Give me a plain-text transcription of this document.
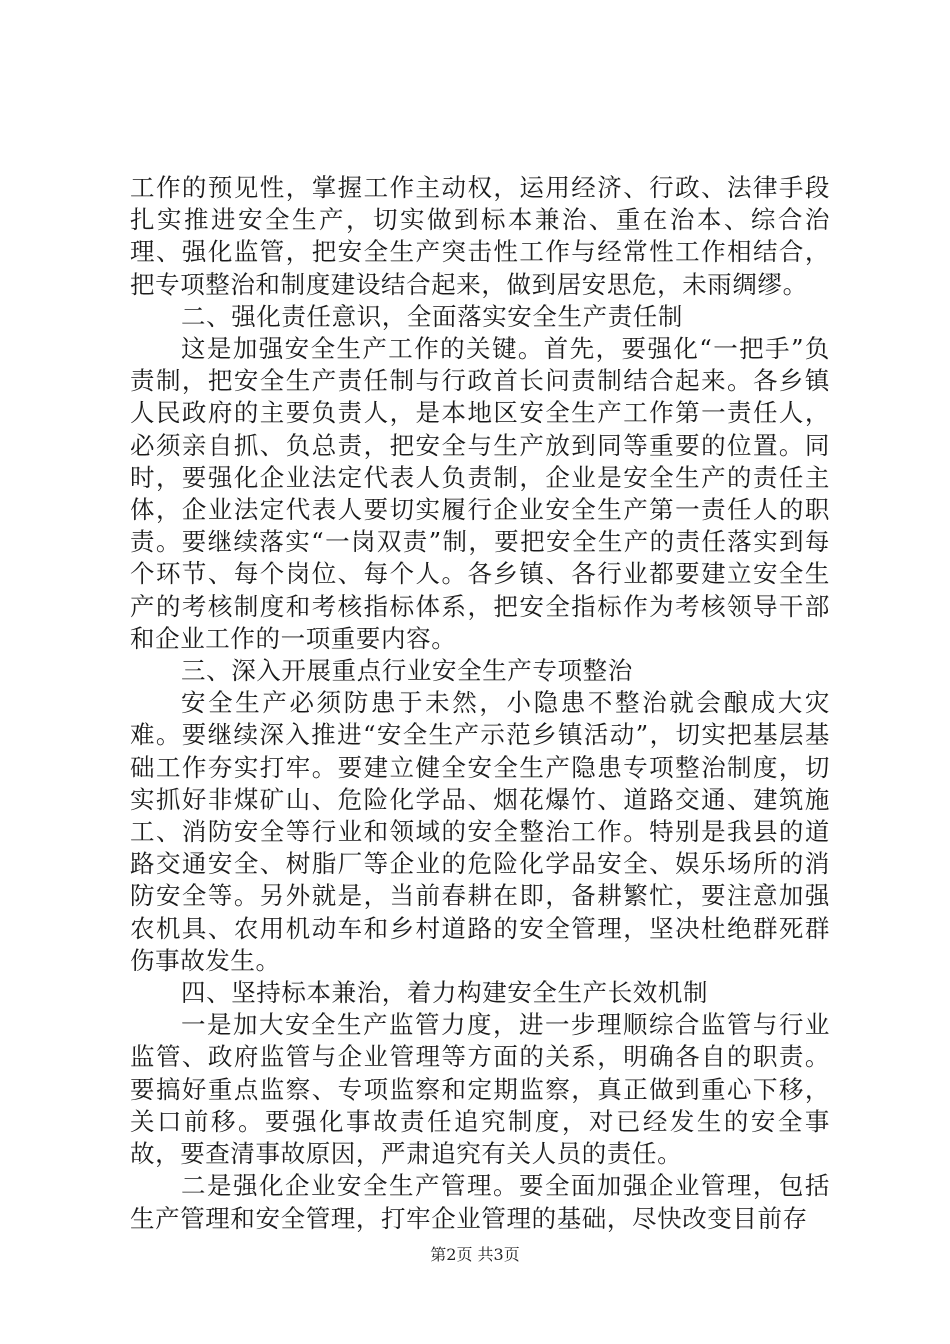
工作的预见性，掌握工作主动权，运用经济、行政、法律手段扎实推进安全生产，切实做到标本兼治、重在治本、综合治理、强化监管，把安全生产突击性工作与经常性工作相结合，把专项整治和制度建设结合起来，做到居安思危，未雨绸缪。

二、强化责任意识，全面落实安全生产责任制

这是加强安全生产工作的关键。首先，要强化“一把手”负责制，把安全生产责任制与行政首长问责制结合起来。各乡镇人民政府的主要负责人，是本地区安全生产工作第一责任人，必须亲自抓、负总责，把安全与生产放到同等重要的位置。同时，要强化企业法定代表人负责制，企业是安全生产的责任主体，企业法定代表人要切实履行企业安全生产第一责任人的职责。要继续落实“一岗双责”制，要把安全生产的责任落实到每个环节、每个岗位、每个人。各乡镇、各行业都要建立安全生产的考核制度和考核指标体系，把安全指标作为考核领导干部和企业工作的一项重要内容。

三、深入开展重点行业安全生产专项整治

安全生产必须防患于未然，小隐患不整治就会酿成大灾难。要继续深入推进“安全生产示范乡镇活动”，切实把基层基础工作夯实打牢。要建立健全安全生产隐患专项整治制度，切实抓好非煤矿山、危险化学品、烟花爆竹、道路交通、建筑施工、消防安全等行业和领域的安全整治工作。特别是我县的道路交通安全、树脂厂等企业的危险化学品安全、娱乐场所的消防安全等。另外就是，当前春耕在即，备耕繁忙，要注意加强农机具、农用机动车和乡村道路的安全管理，坚决杜绝群死群伤事故发生。

四、坚持标本兼治，着力构建安全生产长效机制

一是加大安全生产监管力度，进一步理顺综合监管与行业监管、政府监管与企业管理等方面的关系，明确各自的职责。要搞好重点监察、专项监察和定期监察，真正做到重心下移，关口前移。要强化事故责任追究制度，对已经发生的安全事故，要查清事故原因，严肃追究有关人员的责任。

二是强化企业安全生产管理。要全面加强企业管理，包括生产管理和安全管理，打牢企业管理的基础，尽快改变目前存

第2页 共3页
